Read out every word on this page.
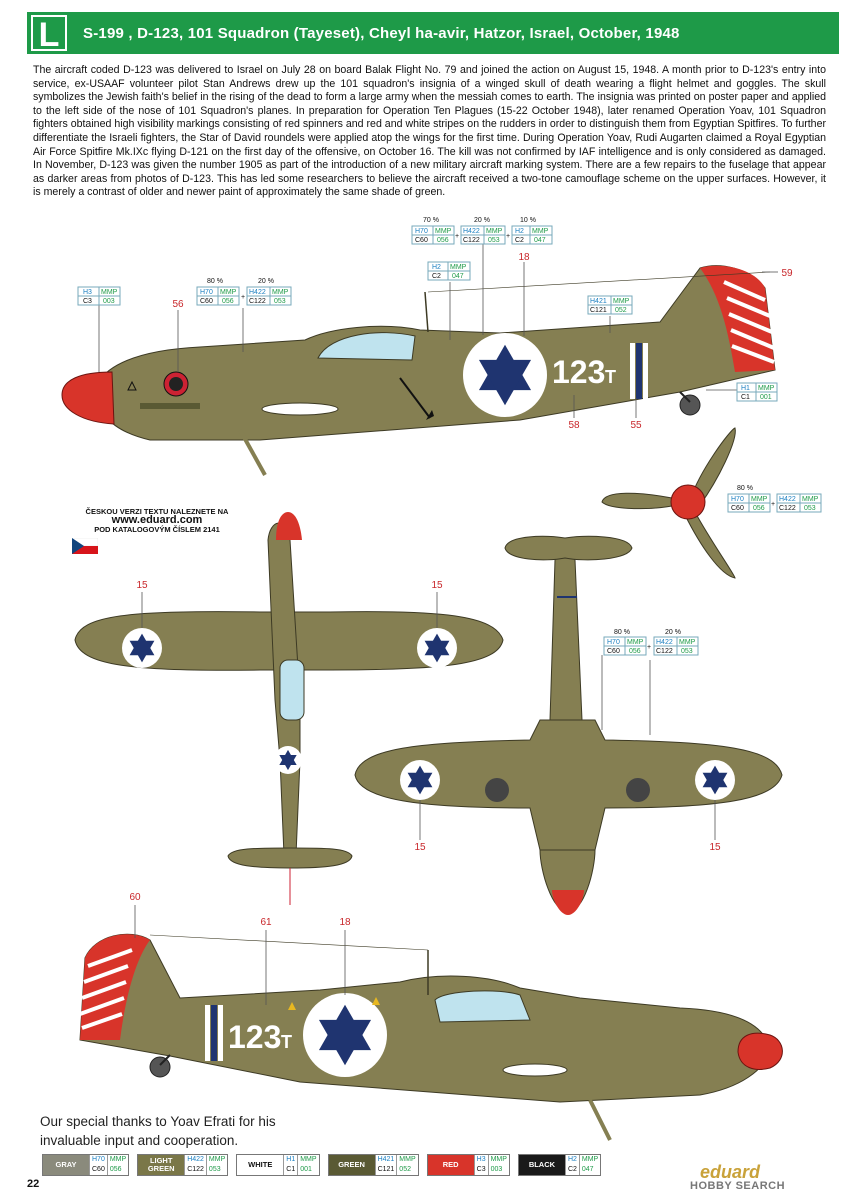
L	S-199 , D-123, 101 Squadron (Tayeset), Cheyl ha-avir, Hatzor, Israel, October, 1948
The aircraft coded D-123 was delivered to Israel on July 28 on board Balak Flight No. 79 and joined the action on August 15, 1948. A month prior to D-123's entry into service, ex-USAAF volunteer pilot Stan Andrews drew up the 101 squadron's insignia of a winged skull of death wearing a flight helmet and goggles. The skull symbolizes the Jewish faith's belief in the rising of the dead to form a large army when the messiah comes to earth. The insignia was printed on poster paper and applied to the left side of the nose of 101 Squadron's planes. In preparation for Operation Ten Plagues (15-22 October 1948), later renamed Operation Yoav, 101 Squadron fighters obtained high visibility markings consisting of red spinners and red and white stripes on the rudders in order to distinguish them from Egyptian Spitfires. To further differentiate the Israeli fighters, the Star of David roundels were applied atop the wings for the first time. During Operation Yoav, Rudi Augarten claimed a Royal Egyptian Air Force Spitfire Mk.IXc flying D-121 on the first day of the offensive, on October 16. The kill was not confirmed by IAF intelligence and is only considered as damaged. In November, D-123 was given the number 1905 as part of the introduction of a new military aircraft marking system. There are a few repairs to the fuselage that appear as darker areas from photos of D-123. This has led some researchers to believe the aircraft received a two-tone camouflage scheme on the upper surfaces. However, it is merely a contrast of older and newer paint of approximately the same shade of green.
123 T
123 T
56
18
59
58	55
15	15
15	15
60
61	18
H3 MMP
C3 003
80 %	20 %
H70 MMP
C60 056
+
H422 MMP
C122 053
70 %	20 %	10 %
H70 MMP
C60 056
+
H422 MMP
C122 053
+
H2 MMP
C2 047
H2 MMP
C2 047
H421 MMP
C121 052
H1 MMP
C1 001
80 %
H70 MMP
C60 056
+
H422 MMP
C122 053
80 %	20 %
H70 MMP
C60 056
+
H422 MMP
C122 053
ČESKOU VERZI TEXTU NALEZNETE NA
www.eduard.com
POD KATALOGOVÝM ČÍSLEM 2141
Our special thanks to Yoav Efrati for his
invaluable input and cooperation.
GRAY
H70 MMP
C60 056
LIGHT GREEN
H422 MMP
C122 053
WHITE
H1 MMP
C1 001
GREEN
H421 MMP
C121 052
RED
H3 MMP
C3 003
BLACK
H2 MMP
C2 047
22
eduard
HOBBY SEARCH
